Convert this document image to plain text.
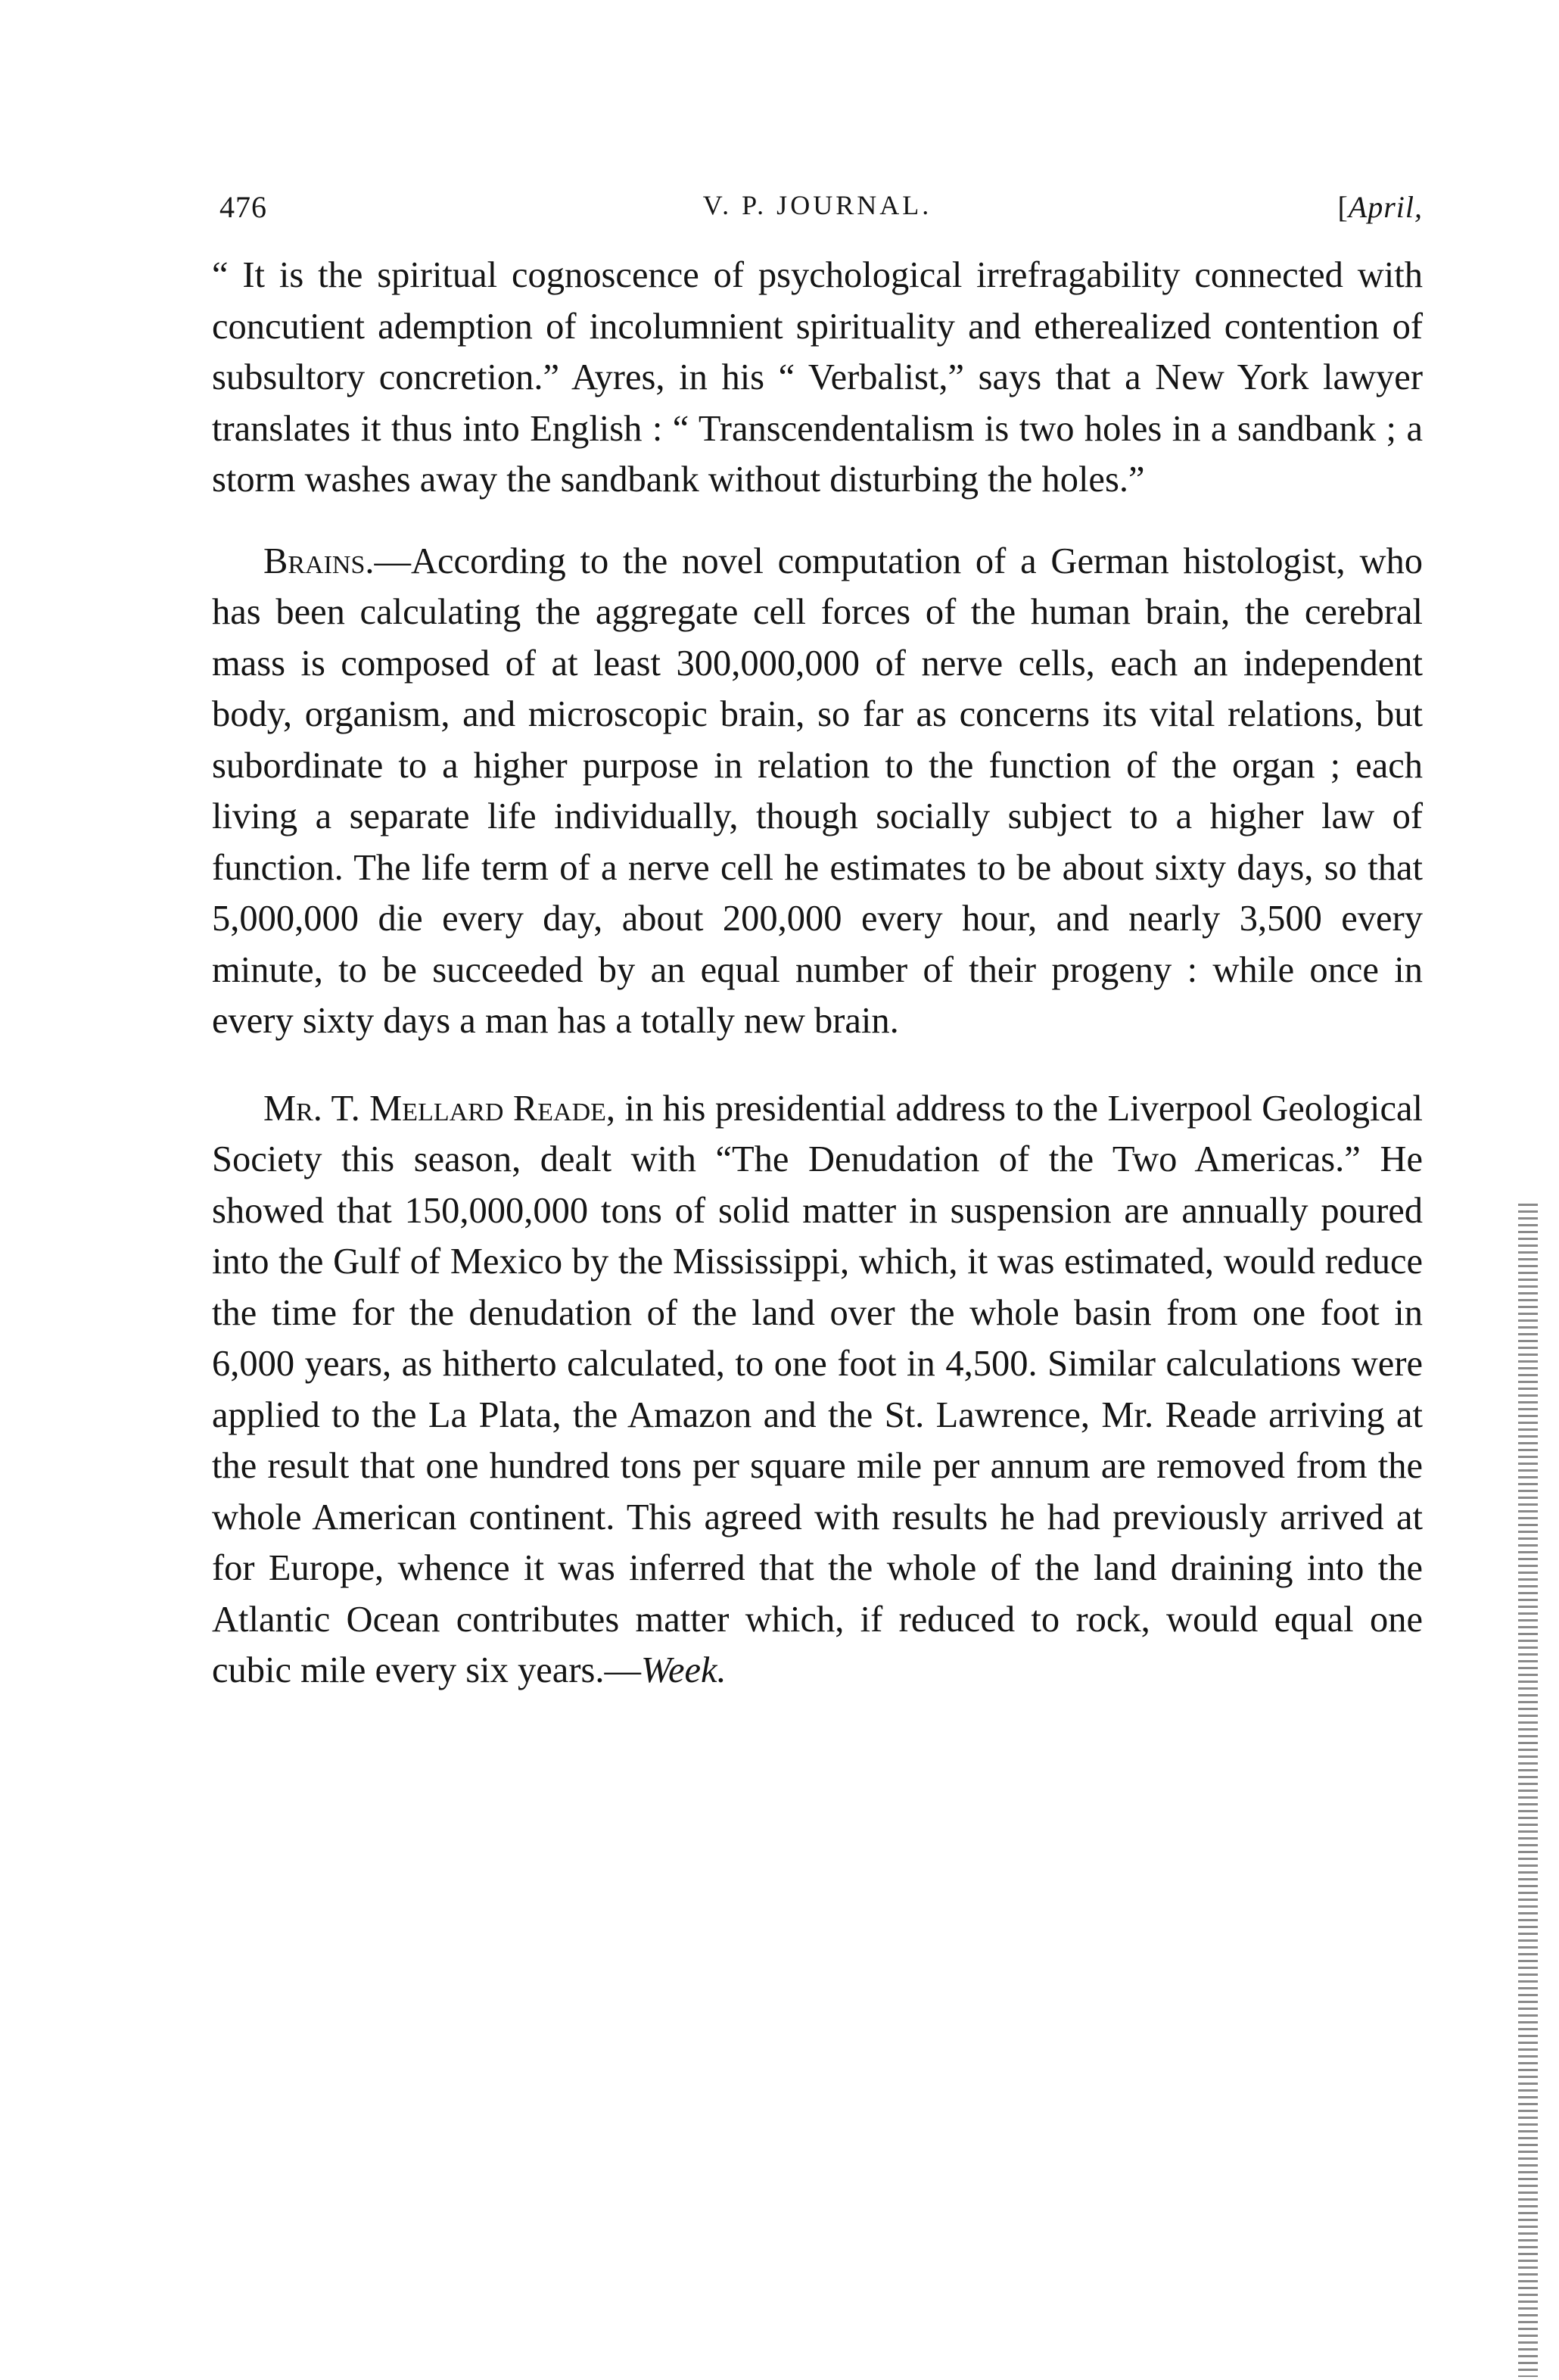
476	V. P. JOURNAL.	[April,

“ It is the spiritual cognoscence of psychological irrefragability connected with concutient ademption of incolumnient spirituality and etherealized contention of subsultory concretion.” Ayres, in his “ Verbalist,” says that a New York lawyer translates it thus into English : “ Transcendentalism is two holes in a sandbank ; a storm washes away the sandbank without disturbing the holes.”

Brains.—According to the novel computation of a German histologist, who has been calculating the aggregate cell forces of the human brain, the cerebral mass is composed of at least 300,000,000 of nerve cells, each an independent body, organism, and microscopic brain, so far as concerns its vital relations, but subordinate to a higher purpose in relation to the function of the organ ; each living a separate life individually, though socially subject to a higher law of function. The life term of a nerve cell he estimates to be about sixty days, so that 5,000,000 die every day, about 200,000 every hour, and nearly 3,500 every minute, to be succeeded by an equal number of their progeny : while once in every sixty days a man has a totally new brain.

Mr. T. Mellard Reade, in his presidential address to the Liverpool Geological Society this season, dealt with “The Denudation of the Two Americas.” He showed that 150,000,000 tons of solid matter in suspension are annually poured into the Gulf of Mexico by the Mississippi, which, it was estimated, would reduce the time for the denudation of the land over the whole basin from one foot in 6,000 years, as hitherto calculated, to one foot in 4,500. Similar calculations were applied to the La Plata, the Amazon and the St. Lawrence, Mr. Reade arriving at the result that one hundred tons per square mile per annum are removed from the whole American continent. This agreed with results he had previously arrived at for Europe, whence it was inferred that the whole of the land draining into the Atlantic Ocean contributes matter which, if reduced to rock, would equal one cubic mile every six years.—Week.
